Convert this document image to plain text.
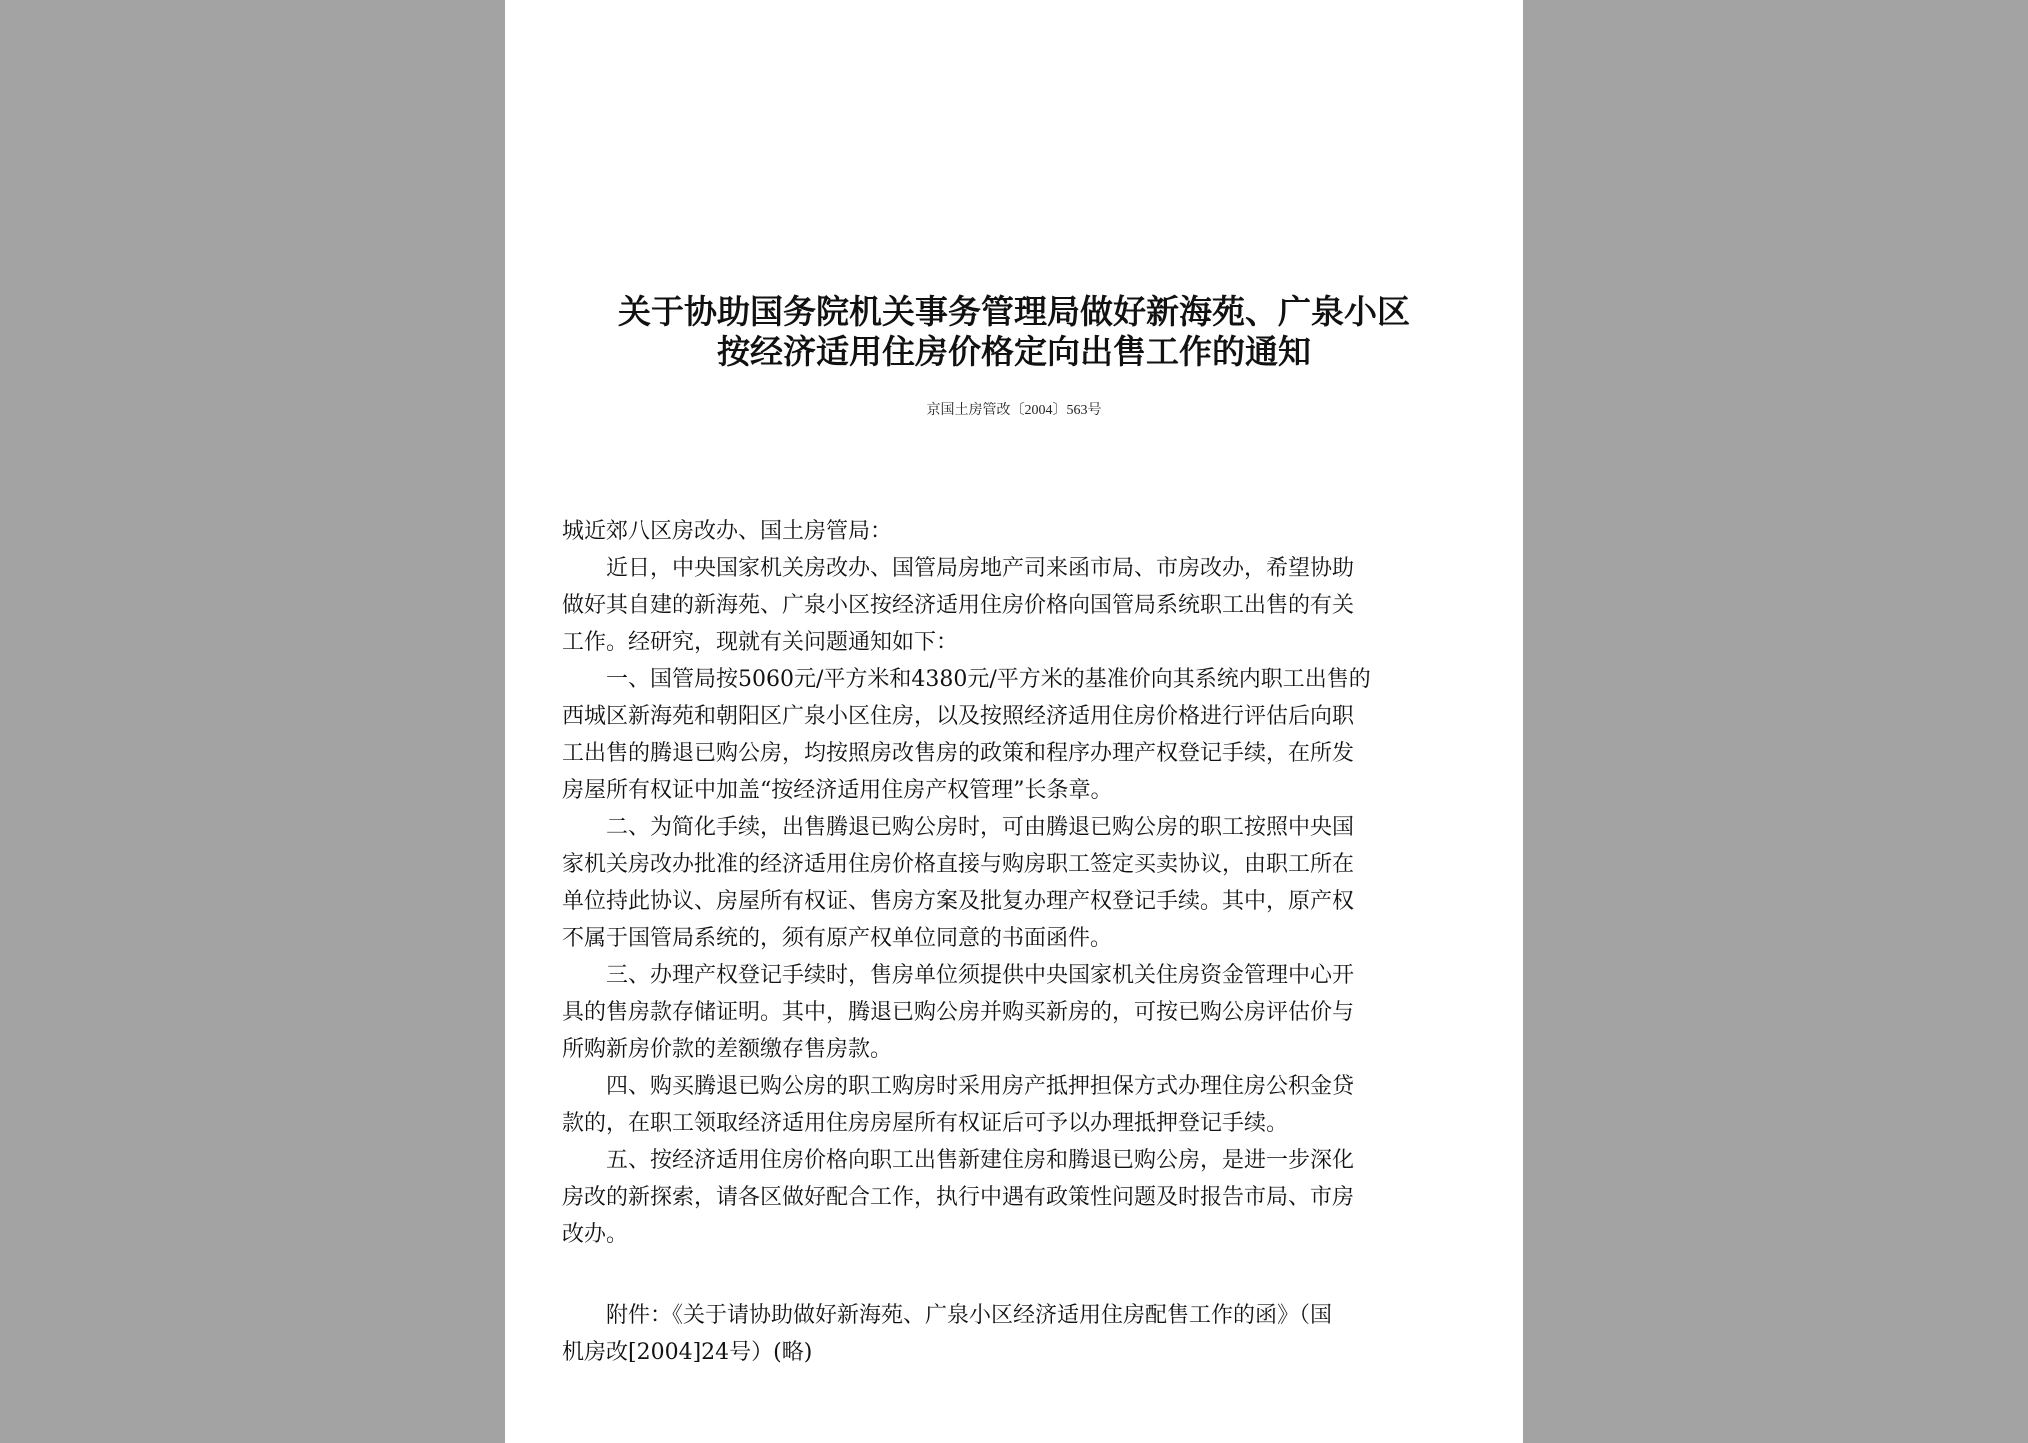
关于协助国务院机关事务管理局做好新海苑、广泉小区
按经济适用住房价格定向出售工作的通知
京国土房管改〔2004〕563号
城近郊八区房改办、国土房管局：
近日，中央国家机关房改办、国管局房地产司来函市局、市房改办，希望协助
做好其自建的新海苑、广泉小区按经济适用住房价格向国管局系统职工出售的有关
工作。经研究，现就有关问题通知如下：
一、国管局按5060元/平方米和4380元/平方米的基准价向其系统内职工出售的
西城区新海苑和朝阳区广泉小区住房，以及按照经济适用住房价格进行评估后向职
工出售的腾退已购公房，均按照房改售房的政策和程序办理产权登记手续，在所发
房屋所有权证中加盖“按经济适用住房产权管理”长条章。
二、为简化手续，出售腾退已购公房时，可由腾退已购公房的职工按照中央国
家机关房改办批准的经济适用住房价格直接与购房职工签定买卖协议，由职工所在
单位持此协议、房屋所有权证、售房方案及批复办理产权登记手续。其中，原产权
不属于国管局系统的，须有原产权单位同意的书面函件。
三、办理产权登记手续时，售房单位须提供中央国家机关住房资金管理中心开
具的售房款存储证明。其中，腾退已购公房并购买新房的，可按已购公房评估价与
所购新房价款的差额缴存售房款。
四、购买腾退已购公房的职工购房时采用房产抵押担保方式办理住房公积金贷
款的，在职工领取经济适用住房房屋所有权证后可予以办理抵押登记手续。
五、按经济适用住房价格向职工出售新建住房和腾退已购公房，是进一步深化
房改的新探索，请各区做好配合工作，执行中遇有政策性问题及时报告市局、市房
改办。
附件：《关于请协助做好新海苑、广泉小区经济适用住房配售工作的函》（国
机房改[2004]24号）(略)
